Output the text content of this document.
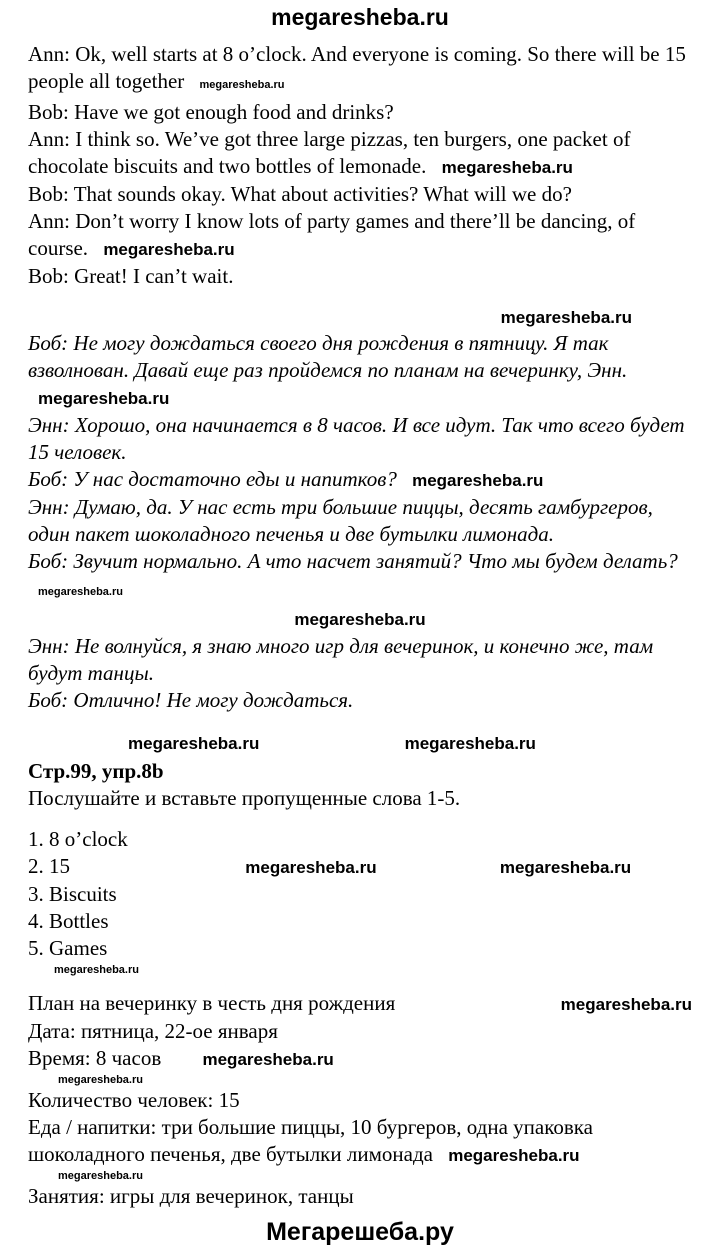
megaresheba.ru

Ann: Ok, well starts at 8 o’clock. And everyone is coming. So there will be 15 people all together megaresheba.ru

Bob: Have we got enough food and drinks?

Ann: I think so. We’ve got three large pizzas, ten burgers, one packet of chocolate biscuits and two bottles of lemonade. megaresheba.ru

Bob: That sounds okay. What about activities? What will we do?

Ann: Don’t worry I know lots of party games and there’ll be dancing, of course. megaresheba.ru

Bob: Great! I can’t wait.

megaresheba.ru

Боб: Не могу дождаться своего дня рождения в пятницу. Я так взволнован. Давай еще раз пройдемся по планам на вечеринку, Энн. megaresheba.ru

Энн: Хорошо, она начинается в 8 часов. И все идут. Так что всего будет 15 человек.

Боб: У нас достаточно еды и напитков? megaresheba.ru

Энн: Думаю, да. У нас есть три большие пиццы, десять гамбургеров, один пакет шоколадного печенья и две бутылки лимонада.

Боб: Звучит нормально. А что насчет занятий? Что мы будем делать? megaresheba.ru

megaresheba.ru

Энн: Не волнуйся, я знаю много игр для вечеринок, и конечно же, там будут танцы.

Боб: Отлично! Не могу дождаться.

megaresheba.ru	megaresheba.ru

Стр.99, упр.8b

Послушайте и вставьте пропущенные слова 1-5.

1. 8 o’clock

2. 15	megaresheba.ru	megaresheba.ru

3. Biscuits

4. Bottles

5. Games

megaresheba.ru

План на вечеринку в честь дня рождения	megaresheba.ru

Дата: пятница, 22-ое января

Время: 8 часов megaresheba.ru

megaresheba.ru

Количество человек: 15

Еда / напитки: три большие пиццы, 10 бургеров, одна упаковка шоколадного печенья, две бутылки лимонада megaresheba.ru

megaresheba.ru

Занятия: игры для вечеринок, танцы

Мегарешеба.ру
